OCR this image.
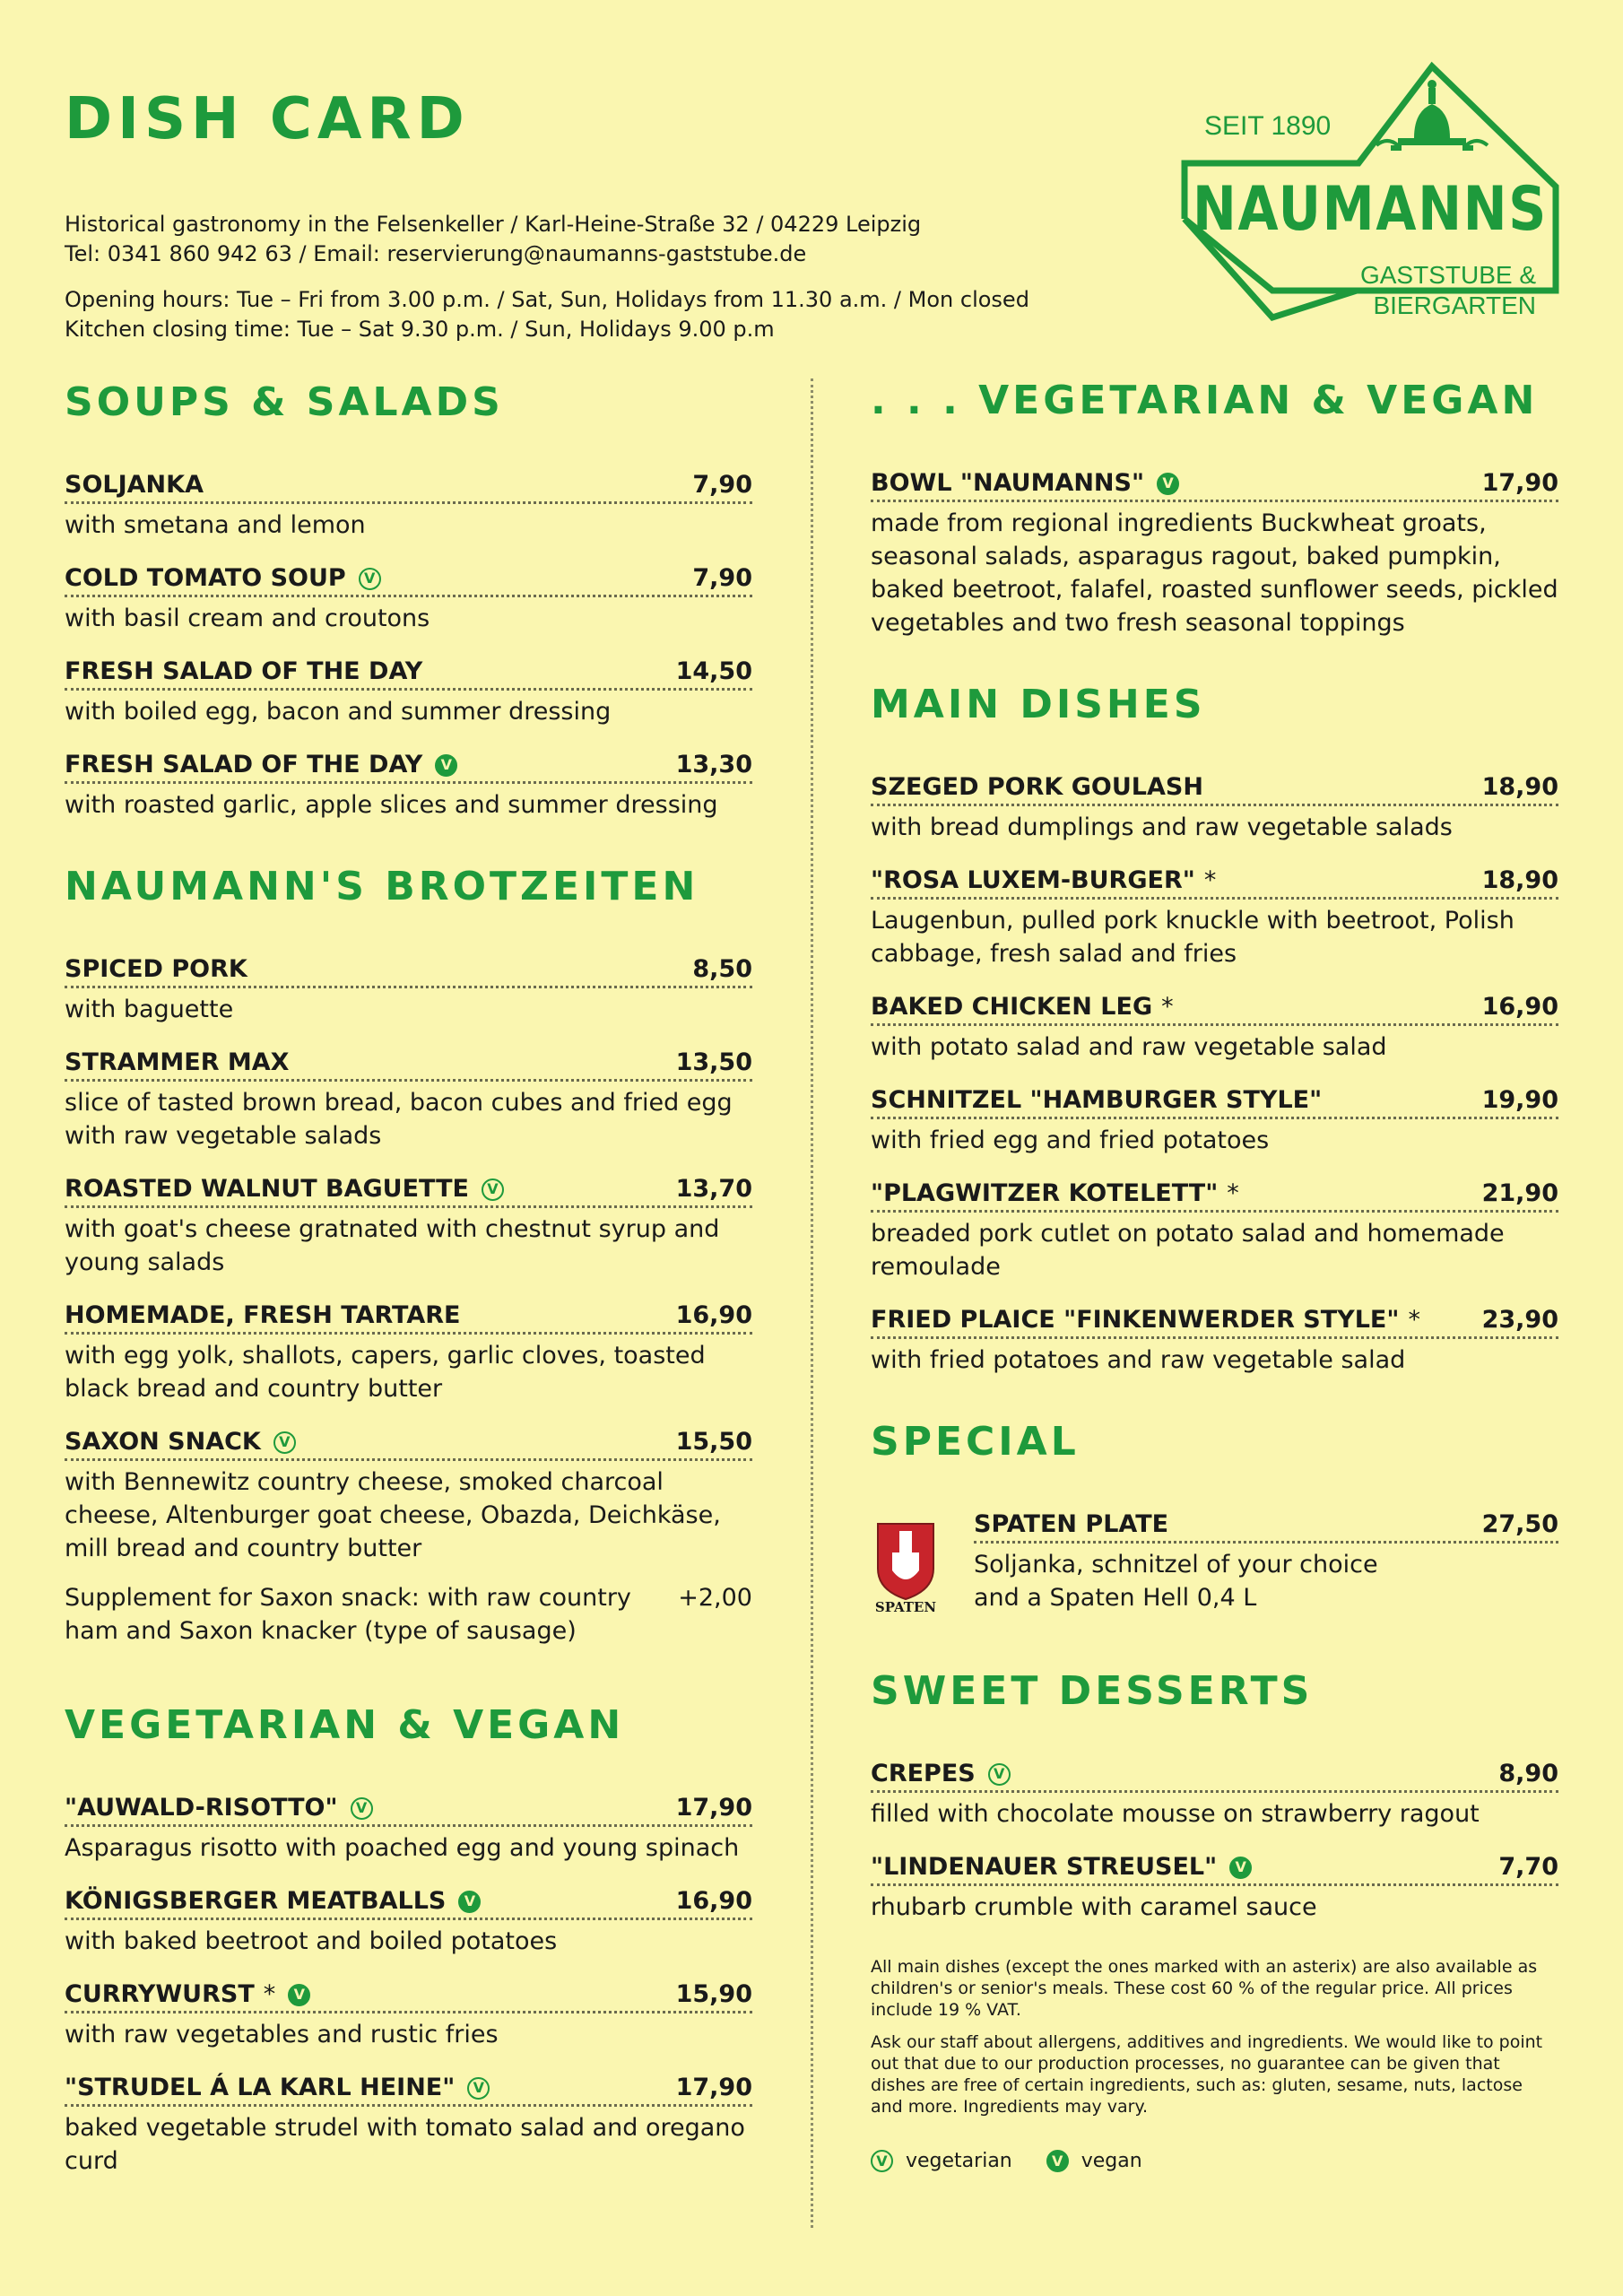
DISH CARD

Historical gastronomy in the Felsenkeller / Karl-Heine-Straße 32 / 04229 Leipzig

Tel: 0341 860 942 63 / Email: reservierung@naumanns-gaststube.de

Opening hours: Tue – Fri from 3.00 p.m. / Sat, Sun, Holidays from 11.30 a.m. / Mon closed

Kitchen closing time: Tue – Sat 9.30 p.m. / Sun, Holidays 9.00 p.m

SEIT 1890
NAUMANNS
GASTSTUBE &
BIERGARTEN
SOUPS & SALADS
SOLJANKA	7,90
with smetana and lemon
COLD TOMATO SOUP	V	7,90
with basil cream and croutons
FRESH SALAD OF THE DAY	14,50
with boiled egg, bacon and summer dressing
FRESH SALAD OF THE DAY	V	13,30
with roasted garlic, apple slices and summer dressing
NAUMANN'S BROTZEITEN
SPICED PORK	8,50
with baguette
STRAMMER MAX	13,50
slice of tasted brown bread, bacon cubes and fried egg with raw vegetable salads
ROASTED WALNUT BAGUETTE	V	13,70
with goat's cheese gratnated with chestnut syrup and young salads
HOMEMADE, FRESH TARTARE	16,90
with egg yolk, shallots, capers, garlic cloves, toasted black bread and country butter
SAXON SNACK	V	15,50
with Bennewitz country cheese, smoked charcoal cheese, Altenburger goat cheese, Obazda, Deichkäse, mill bread and country butter
Supplement for Saxon snack: with raw country ham and Saxon knacker (type of sausage)
+2,00
VEGETARIAN & VEGAN
"AUWALD-RISOTTO"	V	17,90
Asparagus risotto with poached egg and young spinach
KÖNIGSBERGER MEATBALLS	V	16,90
with baked beetroot and boiled potatoes
CURRYWURST *	V	15,90
with raw vegetables and rustic fries
"STRUDEL Á LA KARL HEINE"	V	17,90
baked vegetable strudel with tomato salad and oregano curd
. . . VEGETARIAN & VEGAN
BOWL "NAUMANNS"	V	17,90
made from regional ingredients Buckwheat groats, seasonal salads, asparagus ragout, baked pumpkin, baked beetroot, falafel, roasted sunflower seeds, pickled vegetables and two fresh seasonal toppings
MAIN DISHES
SZEGED PORK GOULASH	18,90
with bread dumplings and raw vegetable salads
"ROSA LUXEM-BURGER" *	18,90
Laugenbun, pulled pork knuckle with beetroot, Polish cabbage, fresh salad and fries
BAKED CHICKEN LEG *	16,90
with potato salad and raw vegetable salad
SCHNITZEL "HAMBURGER STYLE"	19,90
with fried egg and fried potatoes
"PLAGWITZER KOTELETT" *	21,90
breaded pork cutlet on potato salad and homemade remoulade
FRIED PLAICE "FINKENWERDER STYLE" *	23,90
with fried potatoes and raw vegetable salad
SPECIAL
SPATEN
SPATEN PLATE	27,50
Soljanka, schnitzel of your choice and a Spaten Hell 0,4 L
SWEET DESSERTS
CREPES	V	8,90
filled with chocolate mousse on strawberry ragout
"LINDENAUER STREUSEL"	V	7,70
rhubarb crumble with caramel sauce

All main dishes (except the ones marked with an asterix) are also available as children's or senior's meals. These cost 60 % of the regular price. All prices include 19 % VAT.

Ask our staff about allergens, additives and ingredients. We would like to point out that due to our production processes, no guarantee can be given that dishes are free of certain ingredients, such as: gluten, sesame, nuts, lactose and more. Ingredients may vary.

V vegetarian	V vegan
